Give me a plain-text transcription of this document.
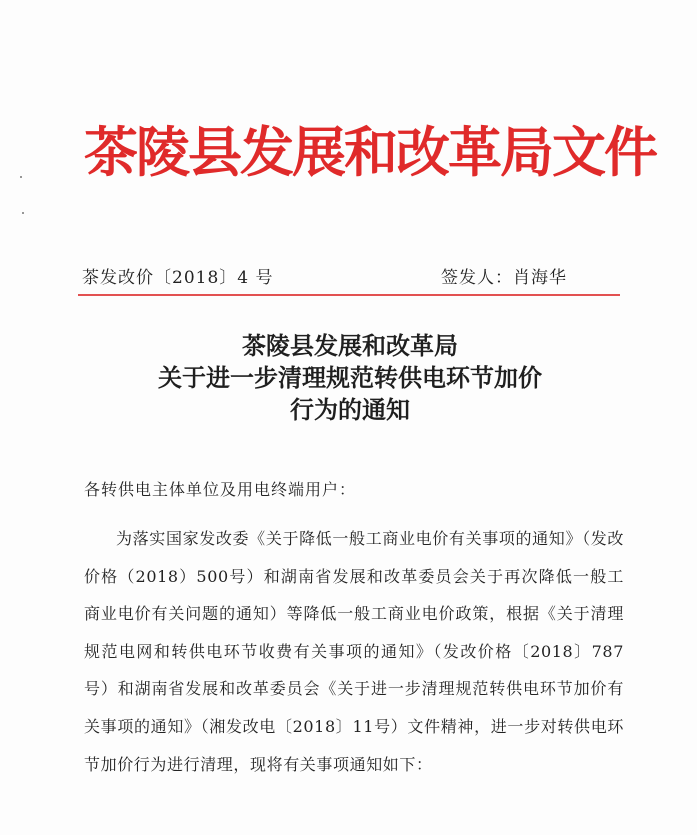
茶陵县发展和改革局文件
茶发改价〔2018〕4 号	签发人：肖海华
茶陵县发展和改革局
关于进一步清理规范转供电环节加价
行为的通知
各转供电主体单位及用电终端用户：
为落实国家发改委《关于降低一般工商业电价有关事项的通知》（发改价格（2018）500号）和湖南省发展和改革委员会关于再次降低一般工商业电价有关问题的通知）等降低一般工商业电价政策，根据《关于清理规范电网和转供电环节收费有关事项的通知》（发改价格〔2018〕787号）和湖南省发展和改革委员会《关于进一步清理规范转供电环节加价有关事项的通知》（湘发改电〔2018〕11号）文件精神，进一步对转供电环节加价行为进行清理，现将有关事项通知如下：
